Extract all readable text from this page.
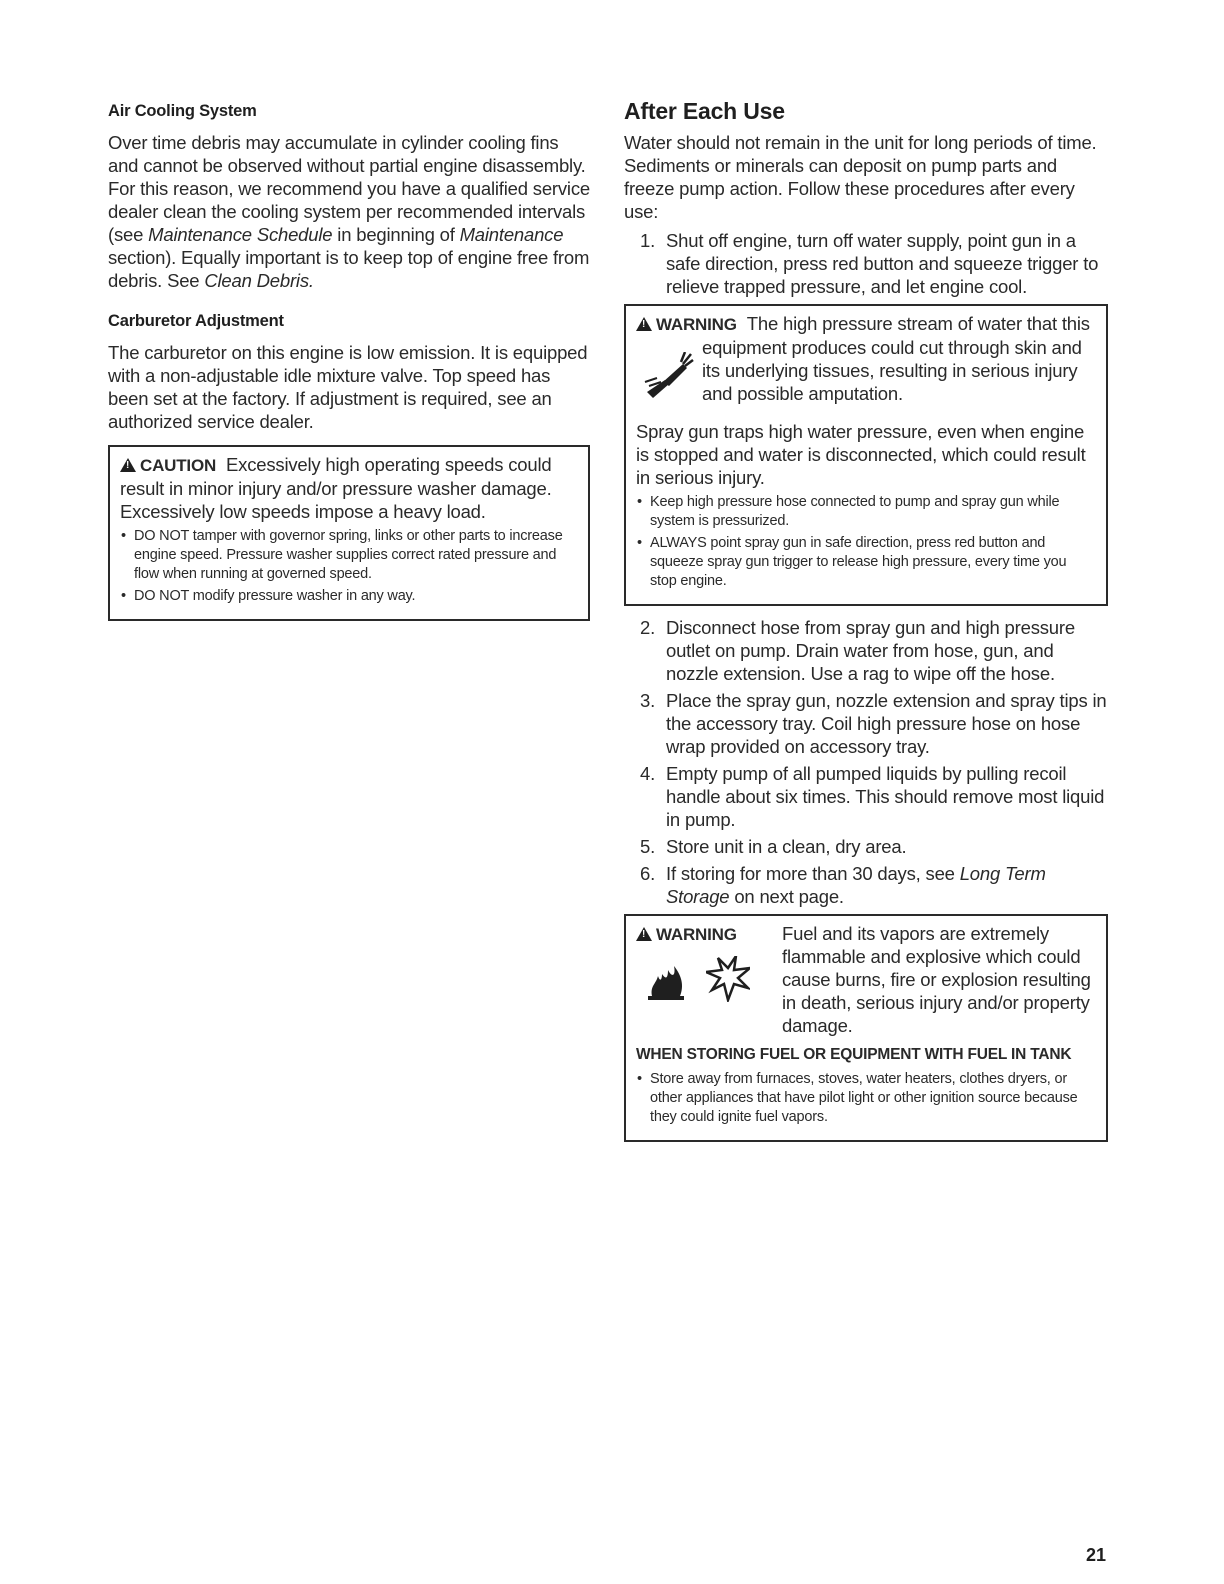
Air Cooling System

Over time debris may accumulate in cylinder cooling fins and cannot be observed without partial engine disassembly. For this reason, we recommend you have a qualified service dealer clean the cooling system per recommended intervals (see Maintenance Schedule in beginning of Maintenance section). Equally important is to keep top of engine free from debris. See Clean Debris.

Carburetor Adjustment

The carburetor on this engine is low emission. It is equipped with a non-adjustable idle mixture valve. Top speed has been set at the factory. If adjustment is required, see an authorized service dealer.

!CAUTION Excessively high operating speeds could result in minor injury and/or pressure washer damage. Excessively low speeds impose a heavy load.

• DO NOT tamper with governor spring, links or other parts to increase engine speed. Pressure washer supplies correct rated pressure and flow when running at governed speed.
• DO NOT modify pressure washer in any way.
After Each Use

Water should not remain in the unit for long periods of time. Sediments or minerals can deposit on pump parts and freeze pump action. Follow these procedures after every use:

1. Shut off engine, turn off water supply, point gun in a safe direction, press red button and squeeze trigger to relieve trapped pressure, and let engine cool.
!WARNING The high pressure stream of water that this equipment produces could cut through skin and its underlying tissues, resulting in serious injury and possible amputation.

Spray gun traps high water pressure, even when engine is stopped and water is disconnected, which could result in serious injury.

• Keep high pressure hose connected to pump and spray gun while system is pressurized.
• ALWAYS point spray gun in safe direction, press red button and squeeze spray gun trigger to release high pressure, every time you stop engine.
2. Disconnect hose from spray gun and high pressure outlet on pump. Drain water from hose, gun, and nozzle extension. Use a rag to wipe off the hose.
3. Place the spray gun, nozzle extension and spray tips in the accessory tray. Coil high pressure hose on hose wrap provided on accessory tray.
4. Empty pump of all pumped liquids by pulling recoil handle about six times. This should remove most liquid in pump.
5. Store unit in a clean, dry area.
6. If storing for more than 30 days, see Long Term Storage on next page.
!WARNING	Fuel and its vapors are extremely flammable and explosive which could cause burns, fire or explosion resulting in death, serious injury and/or property damage.
WHEN STORING FUEL OR EQUIPMENT WITH FUEL IN TANK
• Store away from furnaces, stoves, water heaters, clothes dryers, or other appliances that have pilot light or other ignition source because they could ignite fuel vapors.
21
